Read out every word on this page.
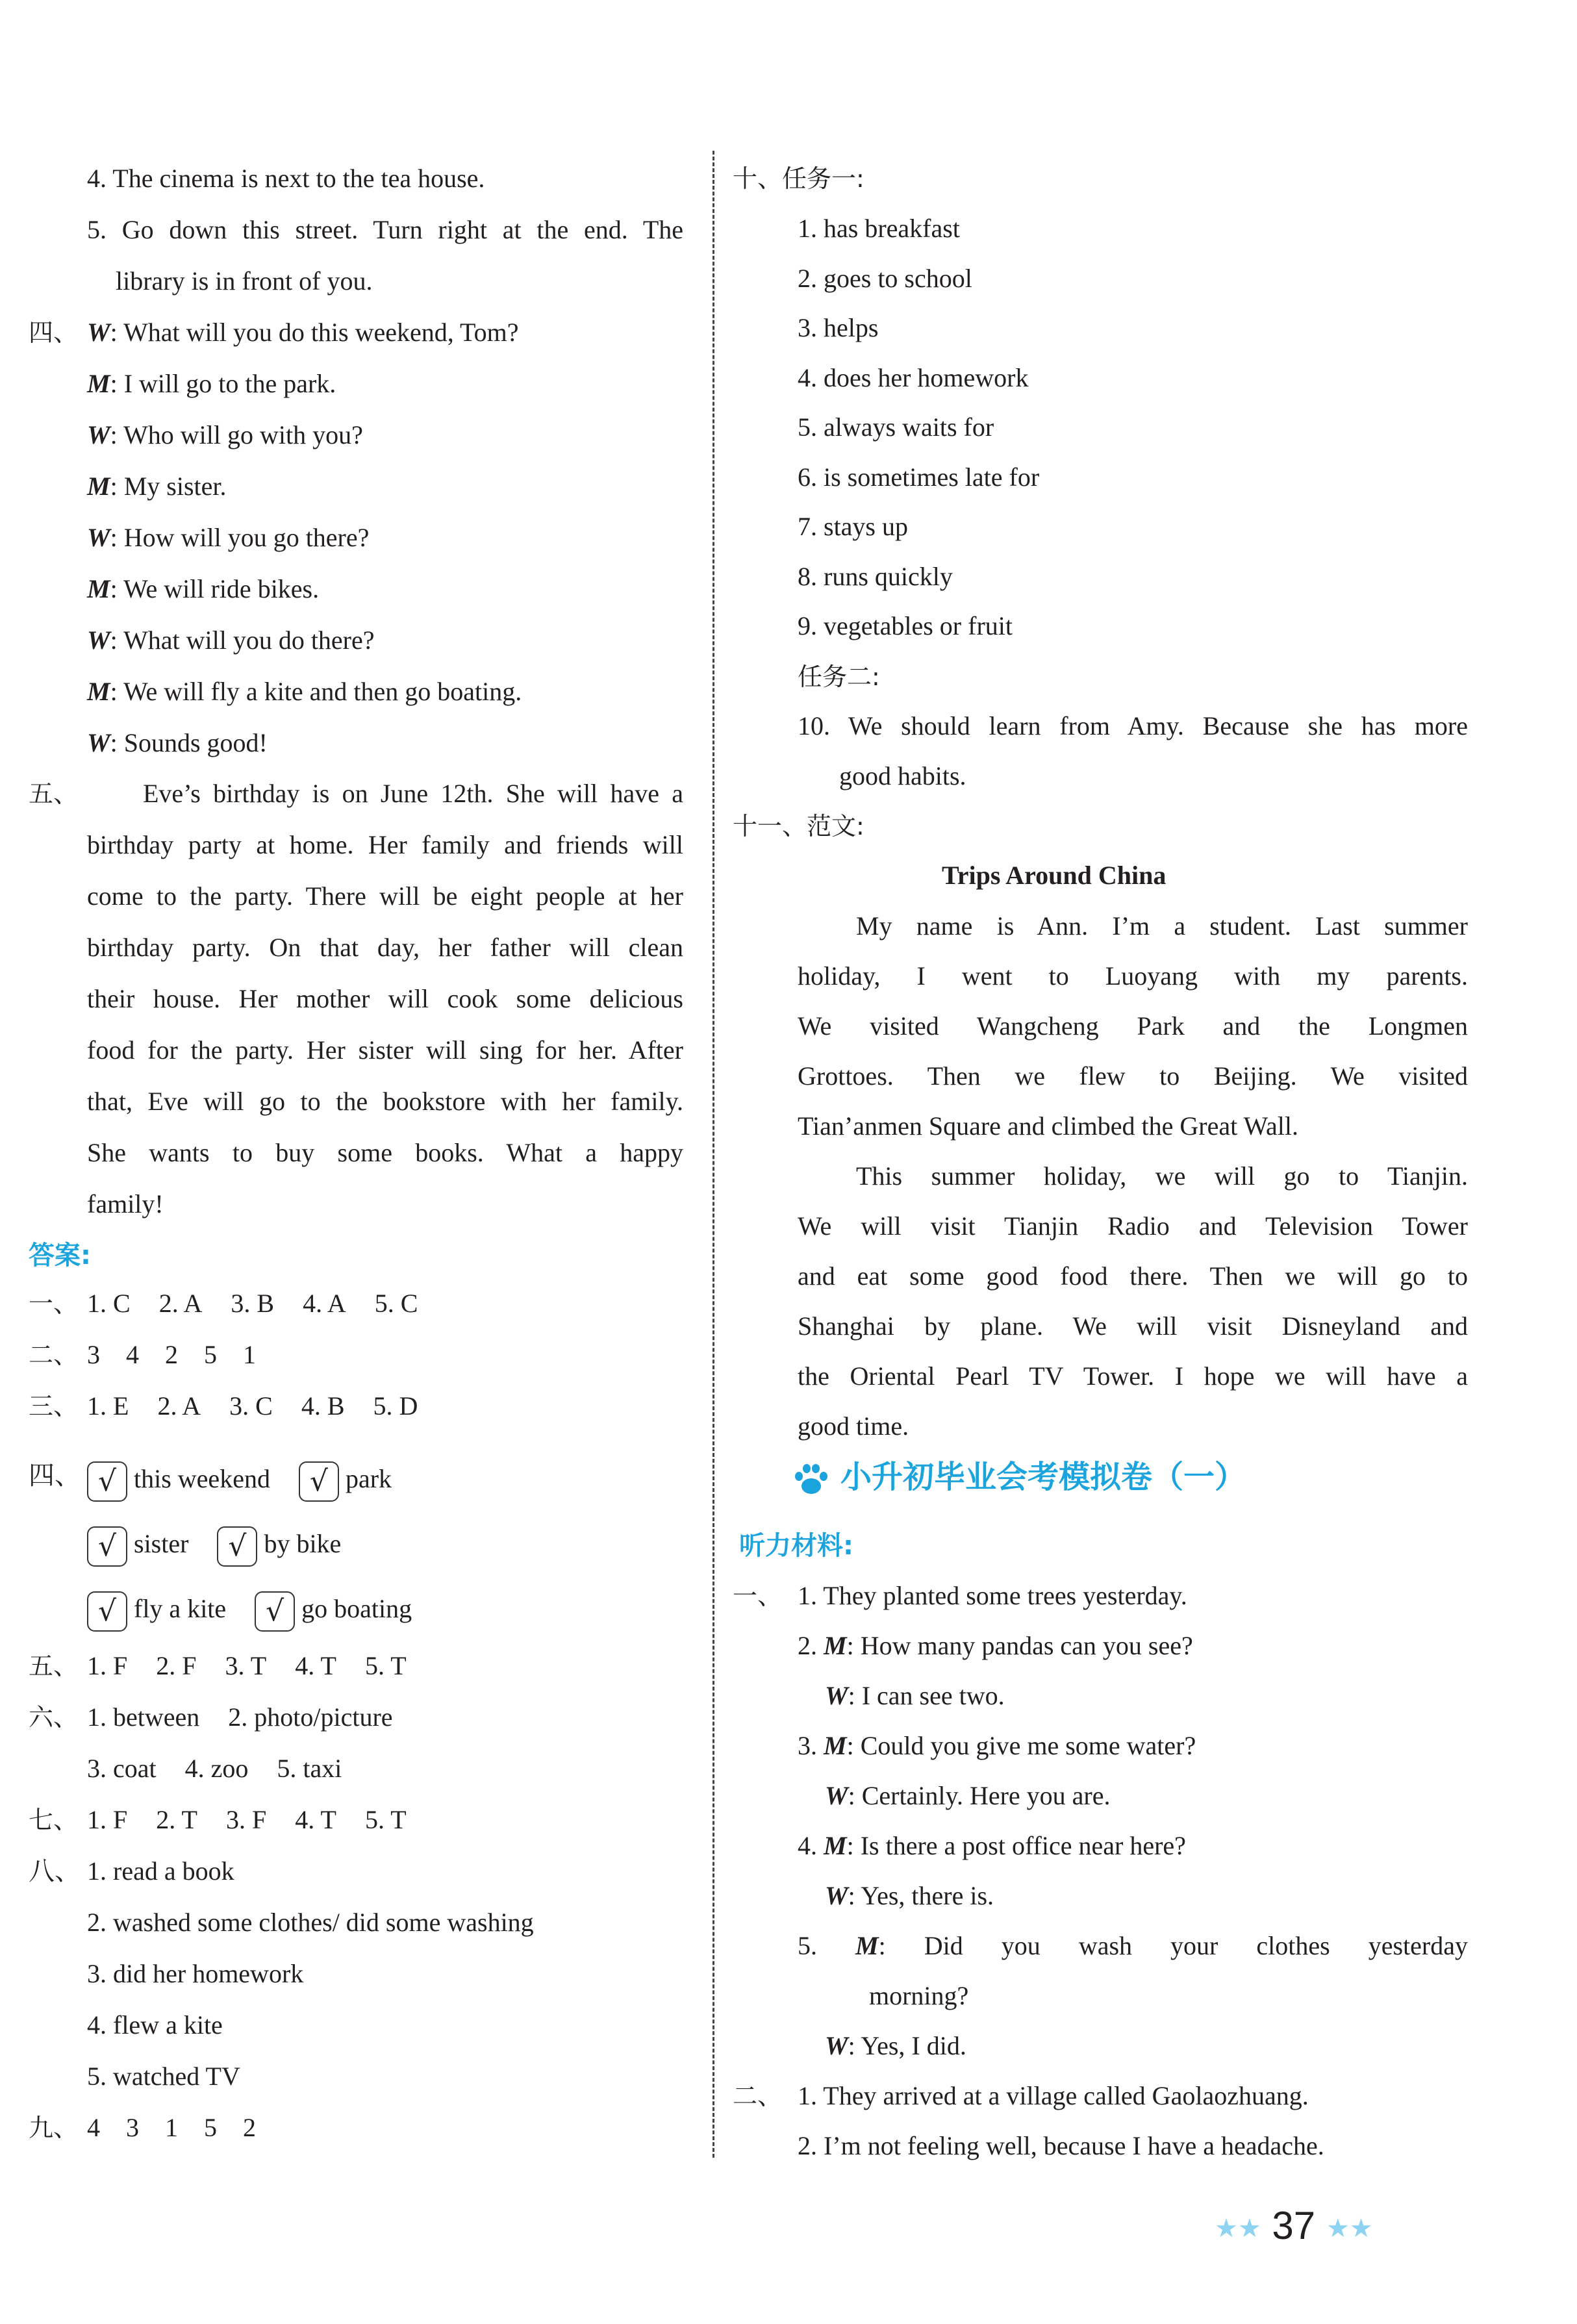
4. The cinema is next to the tea house.
5. Go down this street. Turn right at the end. The
library is in front of you.
四、 W: What will you do this weekend, Tom?
M: I will go to the park.
W: Who will go with you?
M: My sister.
W: How will you go there?
M: We will ride bikes.
W: What will you do there?
M: We will fly a kite and then go boating.
W: Sounds good!
五、 Eve’s birthday is on June 12th. She will have a
birthday party at home. Her family and friends will
come to the party. There will be eight people at her
birthday party. On that day, her father will clean
their house. Her mother will cook some delicious
food for the party. Her sister will sing for her. After
that, Eve will go to the bookstore with her family.
She wants to buy some books. What a happy
family!
答案:
一、 1. C 2. A 3. B 4. A 5. C
二、 3 4 2 5 1
三、 1. E 2. A 3. C 4. B 5. D
四、 √ this weekend √ park
√ sister √ by bike
√ fly a kite √ go boating
五、 1. F 2. F 3. T 4. T 5. T
六、 1. between 2. photo/picture
3. coat 4. zoo 5. taxi
七、 1. F 2. T 3. F 4. T 5. T
八、 1. read a book
2. washed some clothes/ did some washing
3. did her homework
4. flew a kite
5. watched TV
九、 4 3 1 5 2
十、任务一:
1. has breakfast
2. goes to school
3. helps
4. does her homework
5. always waits for
6. is sometimes late for
7. stays up
8. runs quickly
9. vegetables or fruit
任务二:
10. We should learn from Amy. Because she has more
good habits.
十一、范文:
Trips Around China
My name is Ann. I’m a student. Last summer
holiday, I went to Luoyang with my parents.
We visited Wangcheng Park and the Longmen
Grottoes. Then we flew to Beijing. We visited
Tian’anmen Square and climbed the Great Wall.
This summer holiday, we will go to Tianjin.
We will visit Tianjin Radio and Television Tower
and eat some good food there. Then we will go to
Shanghai by plane. We will visit Disneyland and
the Oriental Pearl TV Tower. I hope we will have a
good time.
听力材料:
一、 1. They planted some trees yesterday.
2. M: How many pandas can you see?
W: I can see two.
3. M: Could you give me some water?
W: Certainly. Here you are.
4. M: Is there a post office near here?
W: Yes, there is.
5. M: Did you wash your clothes yesterday
morning?
W: Yes, I did.
二、 1. They arrived at a village called Gaolaozhuang.
2. I’m not feeling well, because I have a headache.
小升初毕业会考模拟卷（一）
★★ 37 ★★
